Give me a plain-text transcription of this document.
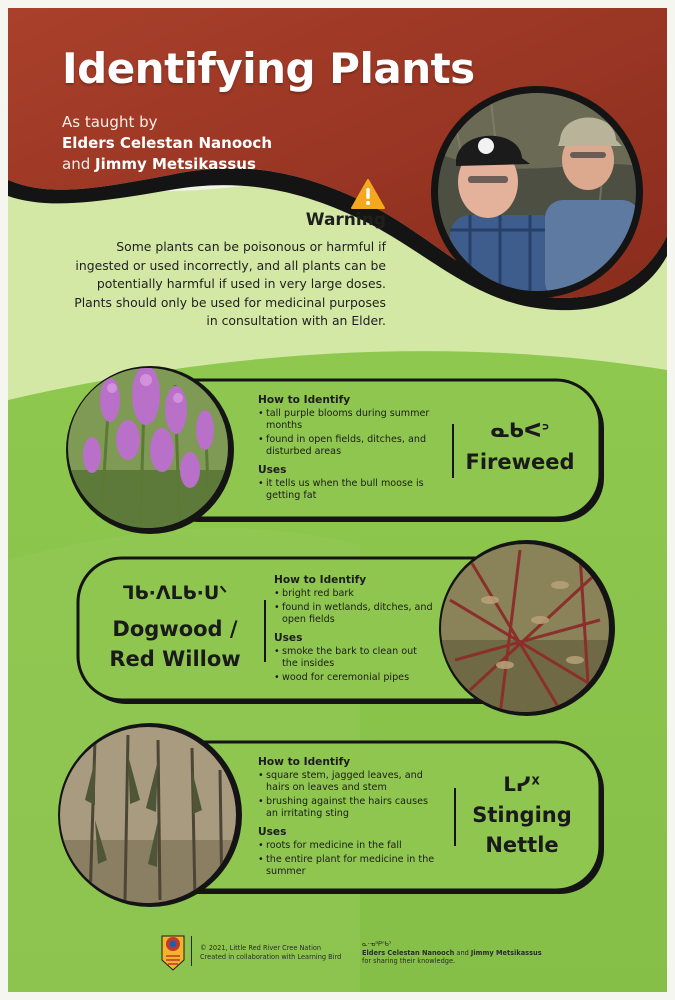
Identifying Plants
As taught by
Elders Celestan Nanooch
and Jimmy Metsikassus
Warning
Some plants can be poisonous or harmful if ingested or used incorrectly, and all plants can be potentially harmful if used in very large doses. Plants should only be used for medicinal purposes in consultation with an Elder.
How to Identify
• tall purple blooms during summer months
• found in open fields, ditches, and disturbed areas
Uses
• it tells us when the bull moose is getting fat
ᓇᑲᐸᐣ
Fireweed
ᒣᑲ·ᐱᒪᑲ·ᑌᐠ
Dogwood /
Red Willow
How to Identify
• bright red bark
• found in wetlands, ditches, and open fields
Uses
• smoke the bark to clean out the insides
• wood for ceremonial pipes
How to Identify
• square stem, jagged leaves, and hairs on leaves and stem
• brushing against the hairs causes an irritating sting
Uses
• roots for medicine in the fall
• the entire plant for medicine in the summer
ᒪᓯᕽ
Stinging
Nettle
© 2021, Little Red River Cree Nation
Created in collaboration with Learning Bird
ᓇ·ᓀᐦᑭᐢᑲᐣ
Elders Celestan Nanooch and Jimmy Metsikassus
for sharing their knowledge.
